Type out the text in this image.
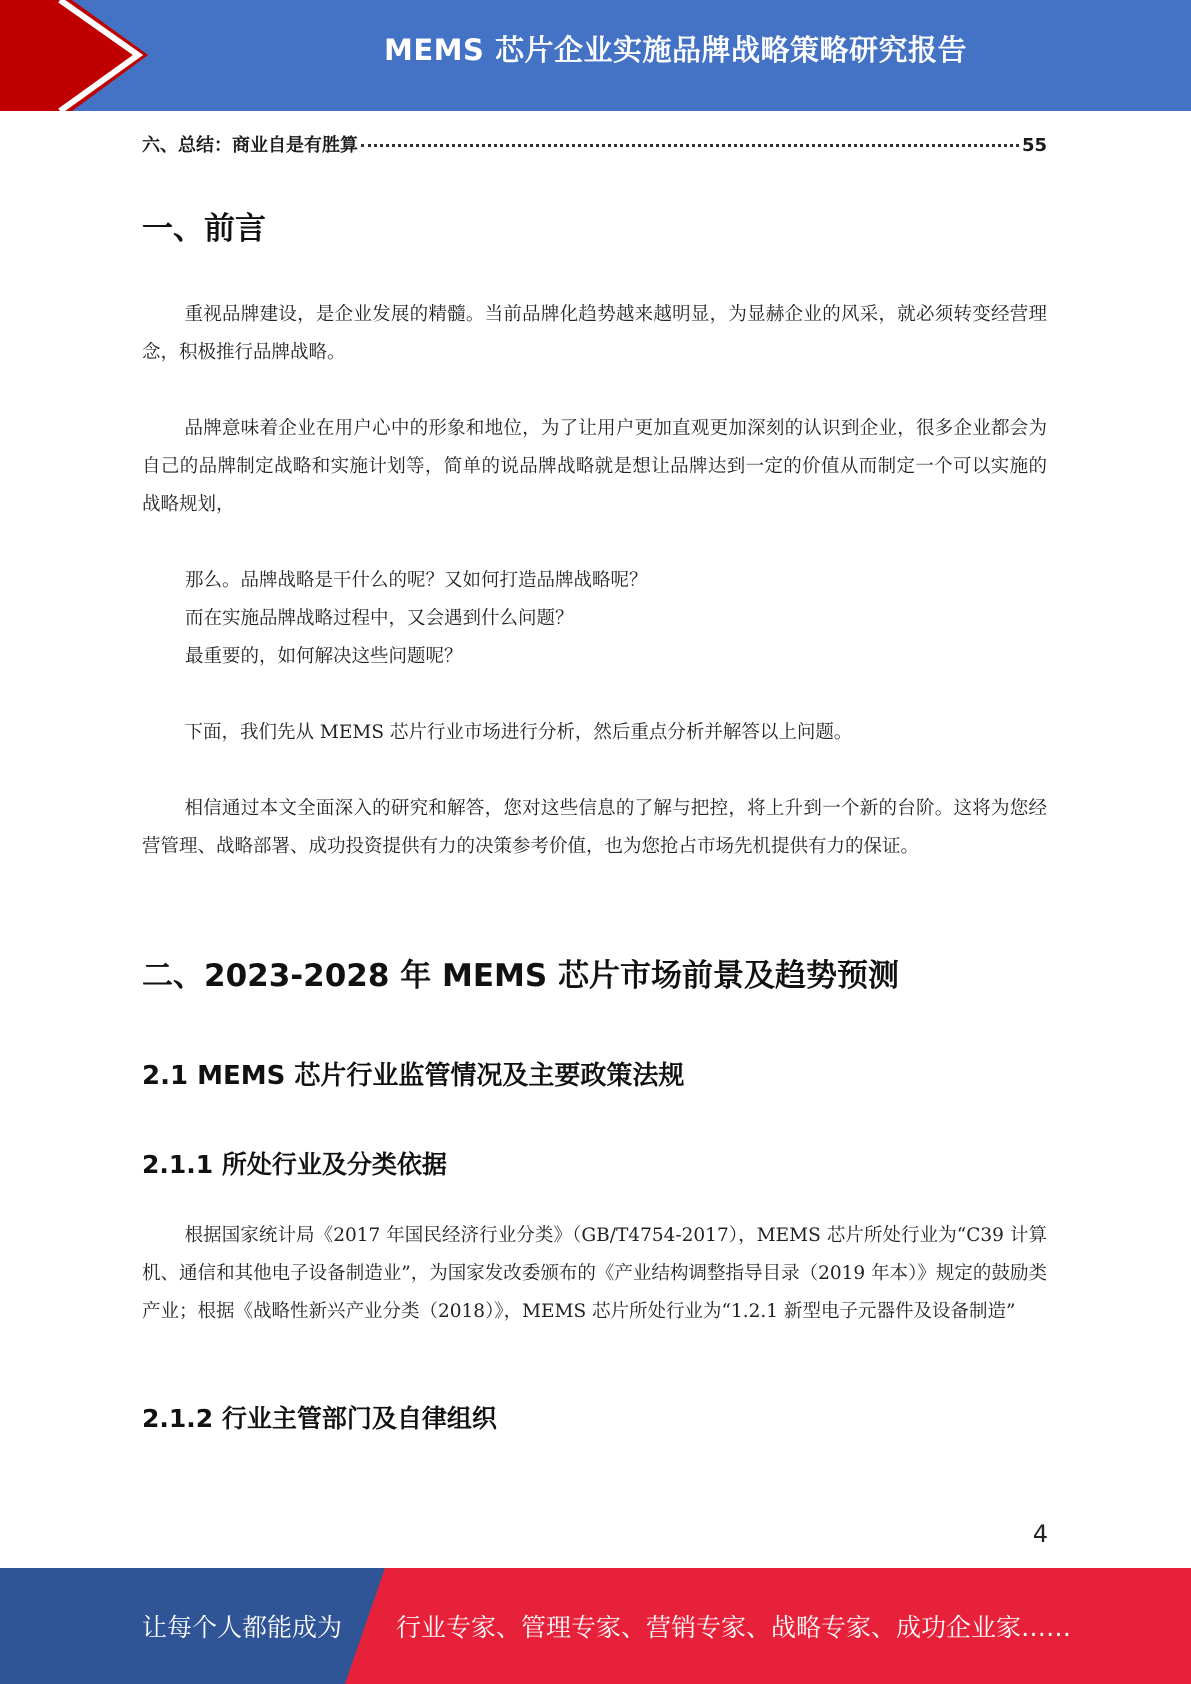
MEMS 芯片企业实施品牌战略策略研究报告
六、总结：商业自是有胜算	55
一、前言

重视品牌建设，是企业发展的精髓。当前品牌化趋势越来越明显，为显赫企业的风采，就必须转变经营理念，积极推行品牌战略。

品牌意味着企业在用户心中的形象和地位，为了让用户更加直观更加深刻的认识到企业，很多企业都会为自己的品牌制定战略和实施计划等，简单的说品牌战略就是想让品牌达到一定的价值从而制定一个可以实施的战略规划，

那么。品牌战略是干什么的呢？又如何打造品牌战略呢？

而在实施品牌战略过程中，又会遇到什么问题？

最重要的，如何解决这些问题呢？

下面，我们先从 MEMS 芯片行业市场进行分析，然后重点分析并解答以上问题。

相信通过本文全面深入的研究和解答，您对这些信息的了解与把控，将上升到一个新的台阶。这将为您经营管理、战略部署、成功投资提供有力的决策参考价值，也为您抢占市场先机提供有力的保证。

二、2023-2028 年 MEMS 芯片市场前景及趋势预测
2.1 MEMS 芯片行业监管情况及主要政策法规
2.1.1 所处行业及分类依据

根据国家统计局《2017 年国民经济行业分类》（GB/T4754-2017），MEMS 芯片所处行业为“C39 计算机、通信和其他电子设备制造业”，为国家发改委颁布的《产业结构调整指导目录（2019 年本）》规定的鼓励类产业；根据《战略性新兴产业分类（2018）》，MEMS 芯片所处行业为“1.2.1 新型电子元器件及设备制造”

2.1.2 行业主管部门及自律组织
4
让每个人都能成为 行业专家、管理专家、营销专家、战略专家、成功企业家……
